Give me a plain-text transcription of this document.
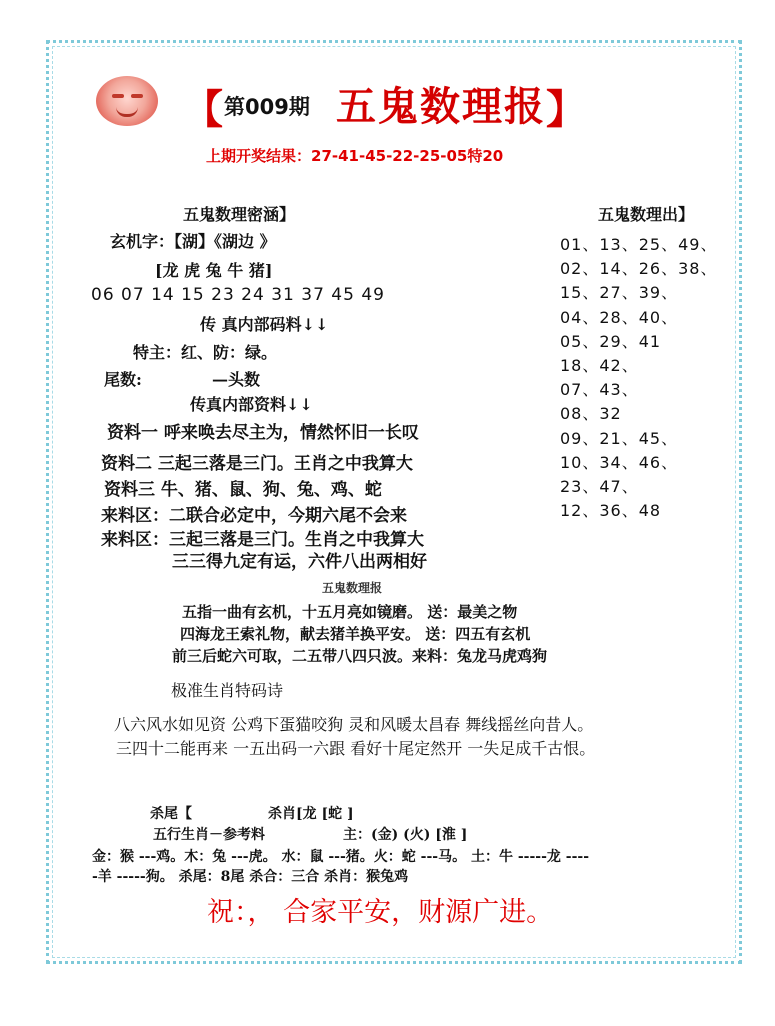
【 第009期 五鬼数理报 】
上期开奖结果：27-41-45-22-25-05特20
五鬼数理密涵】
玄机字：【湖】《湖边 》
[龙 虎 兔 牛 猪]
06 07 14 15 23 24 31 37 45 49
传 真内部码料↓↓
特主：红、防：绿。
尾数:	—头数
传真内部资料↓↓
资料一 呼来唤去尽主为，情然怀旧一长叹
资料二 三起三落是三门。王肖之中我算大
资料三 牛、猪、鼠、狗、兔、鸡、蛇
来料区：二联合必定中，今期六尾不会来
来料区：三起三落是三门。生肖之中我算大
三三得九定有运，六件八出两相好
五鬼数理出】
01、13、25、49、
02、14、26、38、
15、27、39、
04、28、40、
05、29、41
18、42、
07、43、
08、32
09、21、45、
10、34、46、
23、47、
12、36、48
五鬼数理报
五指一曲有玄机，十五月亮如镜磨。 送：最美之物
四海龙王索礼物，献去猪羊换平安。 送：四五有玄机
前三后蛇六可取，二五带八四只波。来料：兔龙马虎鸡狗
极准生肖特码诗
八六风水如见资 公鸡下蛋猫咬狗 灵和风暖太昌春 舞线摇丝向昔人。
三四十二能再来 一五出码一六跟 看好十尾定然开 一失足成千古恨。
杀尾【	杀肖[龙 [蛇 ]
五行生肖－参考料	主：(金) (火) [淮 ]
金：猴 ---鸡。木：兔 ---虎。 水：鼠 ---猪。火：蛇 ---马。 土：牛 -----龙 ----
-羊 -----狗。 杀尾：8尾 杀合：三合 杀肖：猴兔鸡
祝：， 合家平安，财源广进。
